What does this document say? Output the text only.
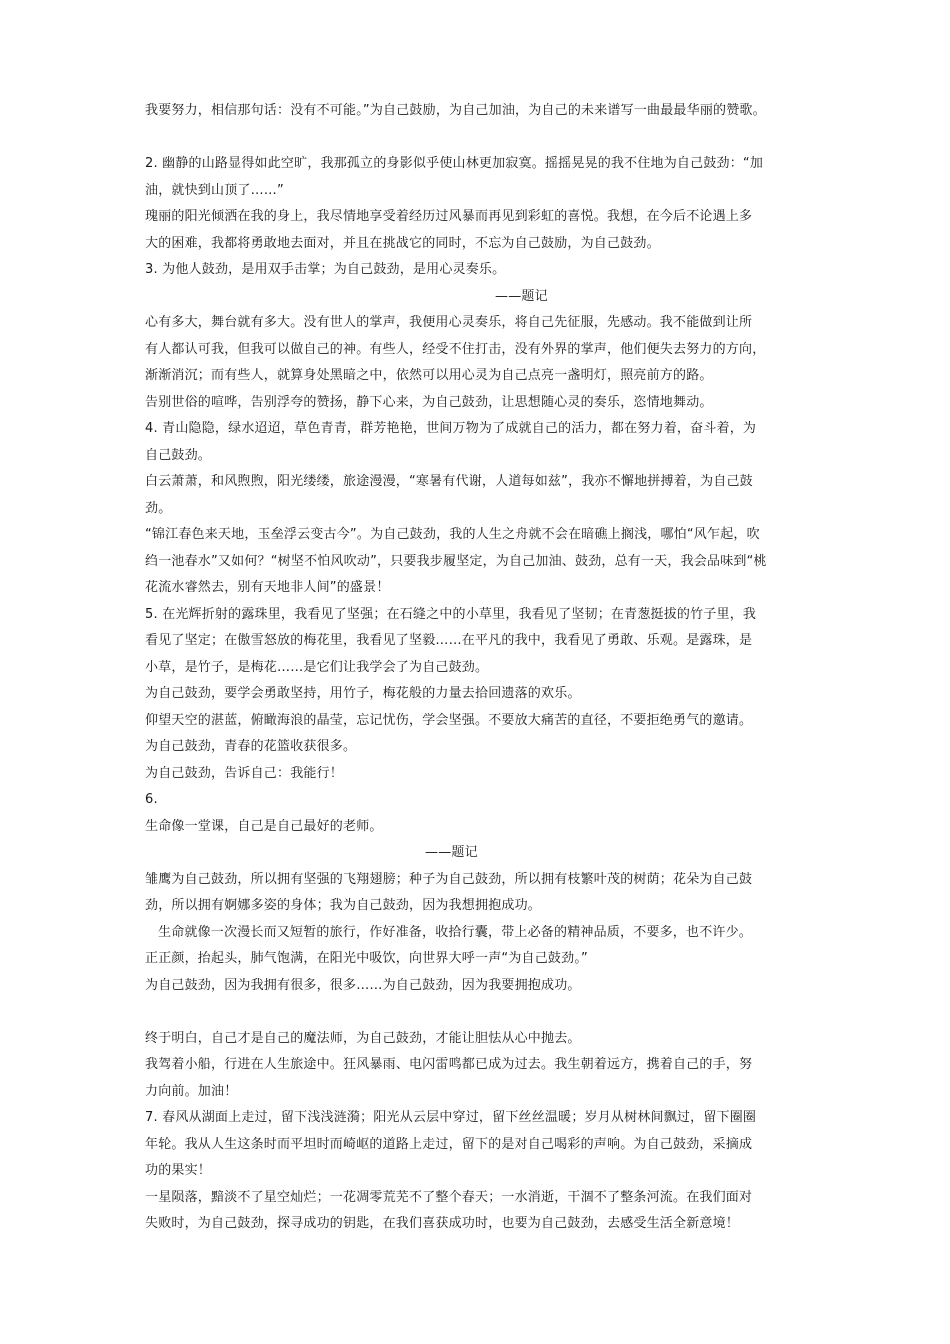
我要努力，相信那句话：没有不可能。”为自己鼓励，为自己加油，为自己的未来谱写一曲最最华丽的赞歌。
2. 幽静的山路显得如此空旷，我那孤立的身影似乎使山林更加寂寞。摇摇晃晃的我不住地为自己鼓劲：“加
油，就快到山顶了……”
瑰丽的阳光倾洒在我的身上，我尽情地享受着经历过风暴而再见到彩虹的喜悦。我想，在今后不论遇上多
大的困难，我都将勇敢地去面对，并且在挑战它的同时，不忘为自己鼓励，为自己鼓劲。
3. 为他人鼓劲，是用双手击掌；为自己鼓劲，是用心灵奏乐。
——题记
心有多大，舞台就有多大。没有世人的掌声，我便用心灵奏乐，将自己先征服，先感动。我不能做到让所
有人都认可我，但我可以做自己的神。有些人，经受不住打击，没有外界的掌声，他们便失去努力的方向，
渐渐消沉；而有些人，就算身处黑暗之中，依然可以用心灵为自己点亮一盏明灯，照亮前方的路。
告别世俗的喧哗，告别浮夸的赞扬，静下心来，为自己鼓劲，让思想随心灵的奏乐，恣情地舞动。
4. 青山隐隐，绿水迢迢，草色青青，群芳艳艳，世间万物为了成就自己的活力，都在努力着，奋斗着，为
自己鼓劲。
白云萧萧，和风煦煦，阳光缕缕，旅途漫漫，“寒暑有代谢，人道每如兹”，我亦不懈地拼搏着，为自己鼓
劲。
“锦江春色来天地，玉垒浮云变古今”。为自己鼓劲，我的人生之舟就不会在暗礁上搁浅，哪怕“风乍起，吹
绉一池春水”又如何？“树坚不怕风吹动”，只要我步履坚定，为自己加油、鼓劲，总有一天，我会品味到“桃
花流水睿然去，别有天地非人间”的盛景！
5. 在光辉折射的露珠里，我看见了坚强；在石缝之中的小草里，我看见了坚韧；在青葱挺拔的竹子里，我
看见了坚定；在傲雪怒放的梅花里，我看见了坚毅……在平凡的我中，我看见了勇敢、乐观。是露珠，是
小草，是竹子，是梅花……是它们让我学会了为自己鼓劲。
为自己鼓劲，要学会勇敢坚持，用竹子，梅花般的力量去拾回遗落的欢乐。
仰望天空的湛蓝，俯瞰海浪的晶莹，忘记忧伤，学会坚强。不要放大痛苦的直径，不要拒绝勇气的邀请。
为自己鼓劲，青春的花篮收获很多。
为自己鼓劲，告诉自己：我能行！
6.
生命像一堂课，自己是自己最好的老师。
——题记
雏鹰为自己鼓劲，所以拥有坚强的飞翔翅膀；种子为自己鼓劲，所以拥有枝繁叶茂的树荫；花朵为自己鼓
劲，所以拥有婀娜多姿的身体；我为自己鼓劲，因为我想拥抱成功。
生命就像一次漫长而又短暂的旅行，作好准备，收拾行囊，带上必备的精神品质，不要多，也不许少。
正正颜，抬起头，肺气饱满，在阳光中吸饮，向世界大呼一声“为自己鼓劲。”
为自己鼓劲，因为我拥有很多，很多……为自己鼓劲，因为我要拥抱成功。
终于明白，自己才是自己的魔法师，为自己鼓劲，才能让胆怯从心中抛去。
我驾着小船，行进在人生旅途中。狂风暴雨、电闪雷鸣都已成为过去。我生朝着远方，携着自己的手，努
力向前。加油！
7. 春风从湖面上走过，留下浅浅涟漪；阳光从云层中穿过，留下丝丝温暖；岁月从树林间飘过，留下圈圈
年轮。我从人生这条时而平坦时而崎岖的道路上走过，留下的是对自己喝彩的声响。为自己鼓劲，采摘成
功的果实！
一星陨落，黯淡不了星空灿烂；一花凋零荒芜不了整个春天；一水消逝，干涸不了整条河流。在我们面对
失败时，为自己鼓劲，探寻成功的钥匙，在我们喜获成功时，也要为自己鼓劲，去感受生活全新意境！
